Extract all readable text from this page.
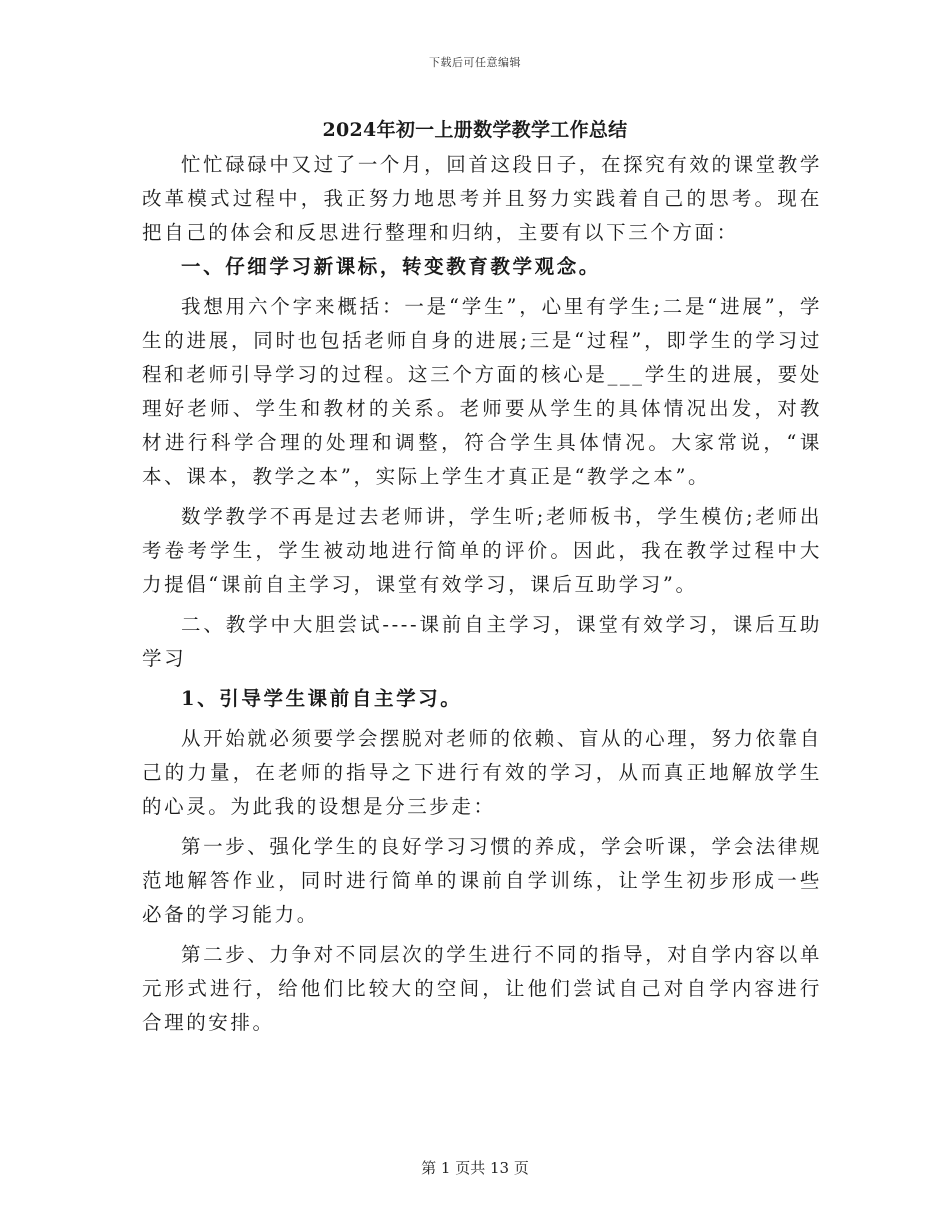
下载后可任意编辑
2024年初一上册数学教学工作总结

忙忙碌碌中又过了一个月，回首这段日子，在探究有效的课堂教学改革模式过程中，我正努力地思考并且努力实践着自己的思考。现在把自己的体会和反思进行整理和归纳，主要有以下三个方面：

一、仔细学习新课标，转变教育教学观念。

我想用六个字来概括：一是“学生”，心里有学生;二是“进展”，学生的进展，同时也包括老师自身的进展;三是“过程”，即学生的学习过程和老师引导学习的过程。这三个方面的核心是___学生的进展，要处理好老师、学生和教材的关系。老师要从学生的具体情况出发，对教材进行科学合理的处理和调整，符合学生具体情况。大家常说，“课本、课本，教学之本”，实际上学生才真正是“教学之本”。

数学教学不再是过去老师讲，学生听;老师板书，学生模仿;老师出考卷考学生，学生被动地进行简单的评价。因此，我在教学过程中大力提倡“课前自主学习，课堂有效学习，课后互助学习”。

二、教学中大胆尝试----课前自主学习，课堂有效学习，课后互助学习

1、引导学生课前自主学习。

从开始就必须要学会摆脱对老师的依赖、盲从的心理，努力依靠自己的力量，在老师的指导之下进行有效的学习，从而真正地解放学生的心灵。为此我的设想是分三步走：

第一步、强化学生的良好学习习惯的养成，学会听课，学会法律规范地解答作业，同时进行简单的课前自学训练，让学生初步形成一些必备的学习能力。

第二步、力争对不同层次的学生进行不同的指导，对自学内容以单元形式进行，给他们比较大的空间，让他们尝试自己对自学内容进行合理的安排。

第 1 页共 13 页
